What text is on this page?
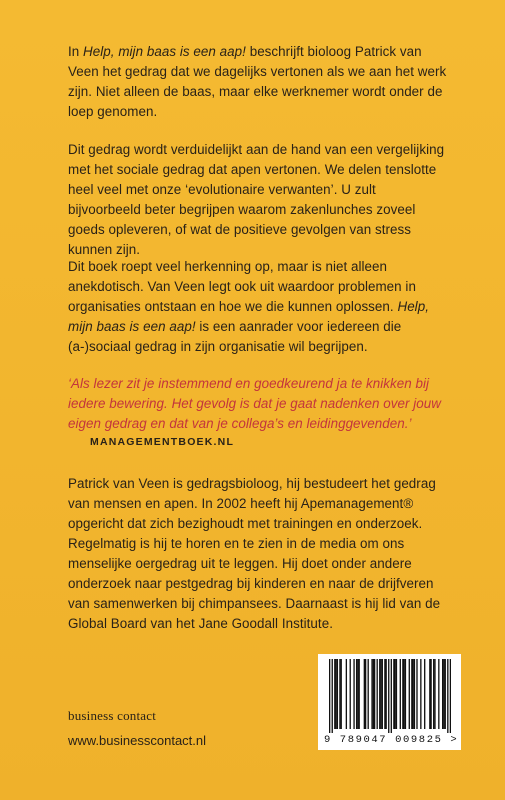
In Help, mijn baas is een aap! beschrijft bioloog Patrick van Veen het gedrag dat we dagelijks vertonen als we aan het werk zijn. Niet alleen de baas, maar elke werknemer wordt onder de loep genomen.
Dit gedrag wordt verduidelijkt aan de hand van een vergelijking met het sociale gedrag dat apen vertonen. We delen tenslotte heel veel met onze ‘evolutionaire verwanten’. U zult bijvoorbeeld beter begrijpen waarom zakenlunches zoveel goeds opleveren, of wat de positieve gevolgen van stress kunnen zijn.
Dit boek roept veel herkenning op, maar is niet alleen anekdotisch. Van Veen legt ook uit waardoor problemen in organisaties ontstaan en hoe we die kunnen oplossen. Help, mijn baas is een aap! is een aanrader voor iedereen die (a-)sociaal gedrag in zijn organisatie wil begrijpen.
‘Als lezer zit je instemmend en goedkeurend ja te knikken bij iedere bewering. Het gevolg is dat je gaat nadenken over jouw eigen gedrag en dat van je collega’s en leidinggevenden.’
MANAGEMENTBOEK.NL
Patrick van Veen is gedragsbioloog, hij bestudeert het gedrag van mensen en apen. In 2002 heeft hij Apemanagement® opgericht dat zich bezighoudt met trainingen en onderzoek. Regelmatig is hij te horen en te zien in de media om ons menselijke oergedrag uit te leggen. Hij doet onder andere onderzoek naar pestgedrag bij kinderen en naar de drijfveren van samenwerken bij chimpansees. Daarnaast is hij lid van de Global Board van het Jane Goodall Institute.
business contact
www.businesscontact.nl	9 789047 009825 >
